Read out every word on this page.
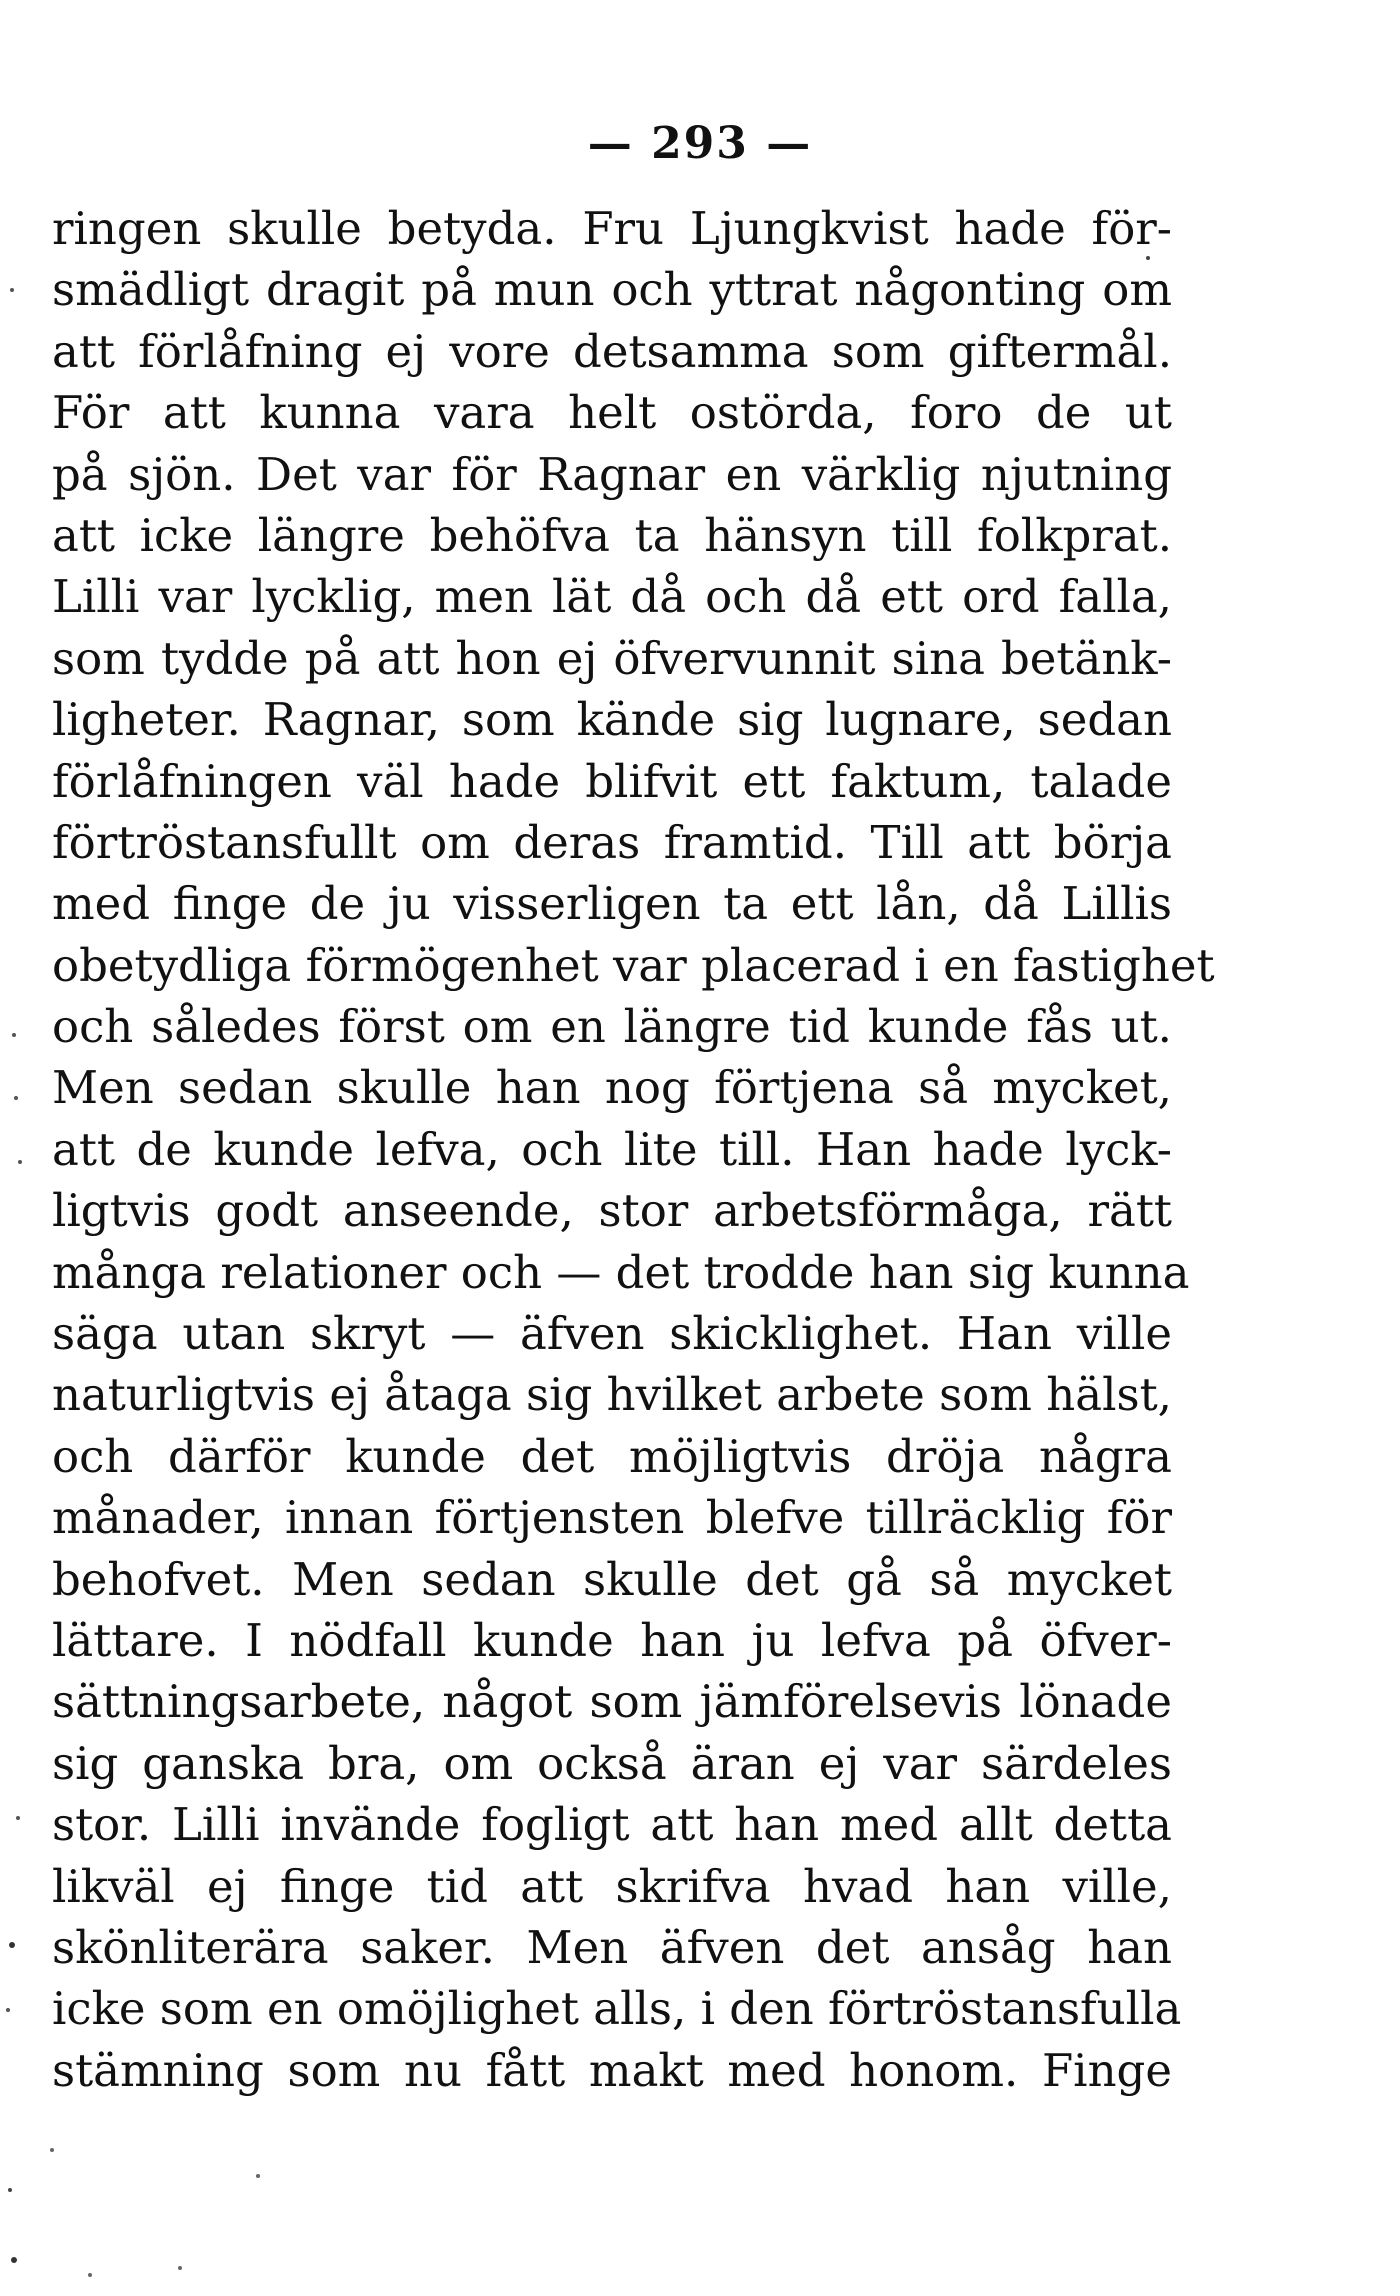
— 293 —
ringen skulle betyda. Fru Ljungkvist hade för-
smädligt dragit på mun och yttrat någonting om
att förlåfning ej vore detsamma som giftermål.
För att kunna vara helt ostörda, foro de ut
på sjön. Det var för Ragnar en värklig njutning
att icke längre behöfva ta hänsyn till folkprat.
Lilli var lycklig, men lät då och då ett ord falla,
som tydde på att hon ej öfvervunnit sina betänk-
ligheter. Ragnar, som kände sig lugnare, sedan
förlåfningen väl hade blifvit ett faktum, talade
förtröstansfullt om deras framtid. Till att börja
med finge de ju visserligen ta ett lån, då Lillis
obetydliga förmögenhet var placerad i en fastighet
och således först om en längre tid kunde fås ut.
Men sedan skulle han nog förtjena så mycket,
att de kunde lefva, och lite till. Han hade lyck-
ligtvis godt anseende, stor arbetsförmåga, rätt
många relationer och — det trodde han sig kunna
säga utan skryt — äfven skicklighet. Han ville
naturligtvis ej åtaga sig hvilket arbete som hälst,
och därför kunde det möjligtvis dröja några
månader, innan förtjensten blefve tillräcklig för
behofvet. Men sedan skulle det gå så mycket
lättare. I nödfall kunde han ju lefva på öfver-
sättningsarbete, något som jämförelsevis lönade
sig ganska bra, om också äran ej var särdeles
stor. Lilli invände fogligt att han med allt detta
likväl ej finge tid att skrifva hvad han ville,
skönliterära saker. Men äfven det ansåg han
icke som en omöjlighet alls, i den förtröstansfulla
stämning som nu fått makt med honom. Finge
